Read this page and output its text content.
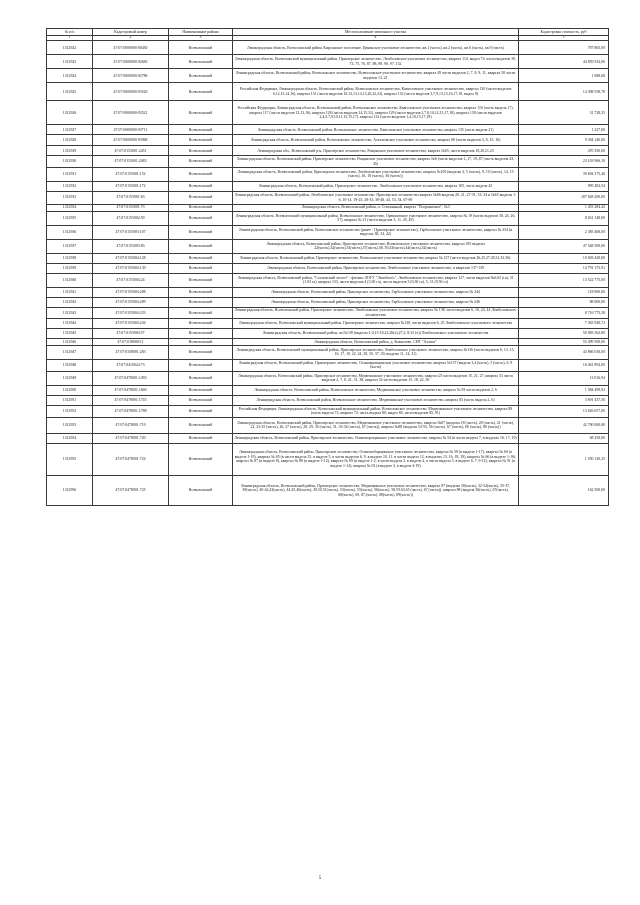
№ п/п	Кадастровый номер	Наименование района	Местоположение земельного участка	Кадастровая стоимость, руб
1	2	3	4	5
1312922	47:07:0000000:90430	Всеволожский	Ленинградская область, Всеволожский район, Кирсинское поселение, Ценинское участковое лесничество, кв.1 (часть), кв.2 (часть), кв.6 (часть), кв.9 (часть)	787 865,00
1312923	47:07:0000000:92683	Всеволожский	Ленинградская область, Всеволожский муниципальный район, Приозерское лесничество, Лемболовское участковое лесничество, квартал 114, выдел 74, части выделов 39, 73, 75, 76, 87, 88, 89, 90, 97, 132	44 859 532,06
1312924	47:07:0000000:92786	Всеволожский	Ленинградская область, Всеволожский район, Всеволожское лесничество, Всеволожское участковое лесничество, квартал 49 части выделов 2, 7, 8, 9, 11, квартал 50 части выделов 13, 21	1 688,68
1312925	47:07:0000000:93520	Всеволожский	Российская Федерация, Ленинградская область, Всеволожский район, Всеволожское лесничество, Кавголовское участковое лесничество, квартал 130 (части выделов 6,12,13,14,16), квартал 131 (части выделов 10,12,13,14,15,20,22,23), квартал 132 (части выделов 3,7,9,13,15,16,17,18, выдел 8)	14 398 558,78
1312926	47:07:0000000:93521	Всеволожский	Российская Федерация, Ленинградская область, Всеволожский район, Всеволожское лесничество, Кавголовское участковое лесничество, квартал 116 (часть выдела 17), квартал 117 (части выделов 12,13,16), квартал 128 (части выделов 14,15,31), квартал 129 (части выделов 2,7,8,10,12,13,17,18), квартал 130 (части выделов 2,4,5,7,9,10,11,15,15,17), квартал 132 (части выделов 1,4,10,15,17,18)	31 728,55
1312927	47:07:0000000:93711	Всеволожский	Ленинградская область, Всеволожский район, Всеволожское лесничество, Кавголовское участковое лесничество, квартал 135 (часть выдела 21)	1 227,00
1312928	47:07:0000000:93968	Всеволожский	Ленинградская область, Всеволожский район, Всеволожское лесничество, Агалатовское участковое лесничество, квартал 68 (части выделов 3, 8, 15, 16)	9 304 140,00
1312929	47:07:0153001:2451	Всеволожский	Ленинградская обл., Всеволожский р-н, Приозерское лесничество, Рощинское участковое лесничество, квартал №65, части выделов 18,20,21,23	470 350,00
1312930	47:07:0153001:2483	Всеволожский	Ленинградская область, Всеволожский район, Приозерское лесничество, Рощинское участковое лесничество, квартал №6 (часть выделов 1,,17, 19,,87 (часть выделов 43, 45)	23 103 966,10
1312931	47:07:0155001:152	Всеволожский	Ленинградская область, Всеволожский район, Приозерское лесничество, Лемболовское участковое лесничество, квартал №105 (выделы 4, 5 (часть), 9, 10 (часть), 14, 15 (часть), 16, 18 (часть), 36 (часть))	39 694 375,40
1312932	47:07:0155001:172	Всеволожский	Ленинградская область, Всеволожский район, Приозерское лесничество, Лемболовское участковое лесничество, квартал 105, часть выдела 42	995 482,54
1312933	47:07:0155001:63	Всеволожский	Ленинградская область, Всеволожский район, Лемболовское участковое лесничество, Приозерское лесничество квартал №66 выделы 20, 21, 27-31, 33, 34 и №65 выделы 1-6, 10-14, 19-25, 28-33, 38-40, 44, 53, 54, 67-69	187 628 200,00
1312934	47:07:0155001:73	Всеволожский	Ленинградская область, Всеволожский район, п. Стеклянный, квартал "Пограничное", №3	1 453 284,42
1312935	47:07:0155002:59	Всеволожский	Ленинградская область, Всеволожский муниципальный район, Всеволожское лесничество, Орешковское участковое лесничество, квартал № 19 (части выделов 30, 24, 26, 37), квартал № 21 (части выделов 3, 11, 45, 49)	8 631 148,00
1312936	47:07:0155003:107	Всеволожский	Ленинградская область, Всеволожский район, Всеволожское лесничество (ранее - Приозерское лесничество), Гарболовское участковое лесничество, квартал № 234 (в выделах 38, 34, 42)	2 385 468,00
1312937	47:07:0155003:83	Всеволожский	Ленинградская область, Всеволожский район, Приозерское лесничество, Всеволожское участковое лесничество, квартал 185 выделы 22(часть),32(часть),33(часть),37(часть),38, 39,43(часть),44(часть),52(часть)	47 548 500,00
1312938	47:07:0155004:128	Всеволожский	Ленинградская область, Всеволожский район, Приозерское лесничество, Всеволожское участковое лесничество, квартал № 127 (части выделов 26,25,27,28,31,33,36).	10 603 420,00
1312939	47:07:0155004:139	Всеволожский	Ленинградская область, Всеволожский район, Приозерское лесничество, Лемболовское участковое лесничество, в квартале 137-139	14 791 175,91
1312940	47:07:0155004:24	Всеволожский	Ленинградская область, Всеволожский район, "Сосновский лесхоз" - филиал ЛОГУ "Ленобллес", Лемболовское лесничество, квартал 127, части выделов №6,02 (га), 31 (1.03 га), квартал 133, части выделов 4 (3,30 га), части выделов 3 (0,30 га), 5, 31 (0,50 га)	13 522 775,00
1312941	47:07:0155004:208	Всеволожский	Ленинградская область, Всеволожский район, Приозерское лесничество, Гарболовское участковое лесничество, квартал № 244	118 000,00
1312942	47:07:0155004:209	Всеволожский	Ленинградская область, Всеволожский район, Приозерское лесничество, Гарболовское участковое лесничество, квартал № 246	88 000,00
1312943	47:07:0155004:233	Всеволожский	Ленинградская область, Всеволожский район, Приозерское лесничество, Лемболовское участковое лесничество, квартал № 138, части выделов 6, 16, 24, 44 Лемболовского лесничества	8 716 775,58
1312944	47:07:0155004:234	Всеволожский	Ленинградская область, Всеволожский муниципальный район, Приозерское лесничество, квартал №138, части выделов 6, 25 Лемболовского участкового лесничества	7 363 948,72
1312945	47:07:0155004:57	Всеволожский	Ленинградская область, Всеволожский район, пт.№138 (выделы 2-4,13-18,22,26(ч),27,2, 8,33 (ч)) Лемболовского участкового лесничества	50 083 562,80
1312946	47:07:0180003:1	Всеволожский	Ленинградская область, Всеволожский район, д. Кокколево, СНТ "Аэлита"	55 499 500,00
1312947	47:07:0358001:283	Всеволожский	Ленинградская область, Всеволожский муниципальный район, Приозерское лесничество, Лемболовское участковое лесничество, квартал №136 (части выделов 6, 13, 15, 16, 17, 19, 22, 24, 29, 35, 37, 39, выделы 11, 14, 31)	43 866 030,00
1312948	47:07:0410024:73	Всеволожский	Ленинградская область, Всеволожский район, Приозерское лесничество, Осиновровщинское участковое лесничество, квартал №137 (выдела 3,4 (часть), 5 (часть), 6, 8 (часть)	10 461 894,00
1312949	47:07:0478001:1493	Всеволожский	Ленинградская область, Всеволожский район, Приозерское лесничество, Медвежинское участковое лесничество, квартал 25 части выделов 15, 21, 27, квартал 33 части выделов 2, 7, 8, 21, 31, 38, квартал 34 части выделов 15, 18, 22, 30	13 016,94
1312950	47:07:0478001:1660	Всеволожский	Ленинградская область, Всеволожский район, Всеволожское лесничество, Медвежинское участковое лесничество, квартал № 83 части выделов 2, 6	1 584 499,92
1312951	47:07:0478001:1745	Всеволожский	Ленинградская область, Всеволожский район, Всеволожское лесничество, Медвежинское участковое лесничество, квартал 83 (часть выдела 2, 6)	3 691 437,50
1312952	47:07:0478001:1788	Всеволожский	Российская Федерация, Ленинградская область, Всеволожский муниципальный район, Всеволожское лесничество, Медвежинское участковое лесничество, квартал 88 (часть выдела 73, квартал 74, часть выдела 80, выдел 84, части выделов 85, 91)	13 626 657,00
1312953	47:07:0478001:719	Всеволожский	Ленинградская область, Всеволожский район, Приозерское лесничество, Медвежинское участковое лесничество, квартал №87 (выделы 18 (часть), 20 (часть), 21 (часть), 22, 23-25 (часть), 26, 27 (часть), 28, 29, 30 (часть), 31, 33-34 (часть), 67 (часть)), квартал №88 (выделы 53-55, 56 (часть), 67 (часть), 68 (часть), 80 (часть))	42 700 000,00
1312954	47:07:0478001:720	Всеволожский	Ленинградская область, Всеволожский район, Приозерское лесничество, Осиноворощинское участковое лесничество, квартал № 54 (в части выдела 7, в выделах 16, 17, 19)	68 250,00
1312955	47:07:0478001:724	Всеволожский	Ленинградская область, Всеволожский район, Приозерское лесничество, Осиновоборщинское участковое лесничество, квартал № 58 (в выделе 1-17), квартал № 60 (в выделе 1-19), квартал № 65 (в части выдела 15, в выделе 5, в части выделов 6, 9, в выделе 10, 11, в части выдела 12, в выделах 13, 16, 18, 19), квартал № 66 (в выделе 1-16), квартал № 87 (в выделе 8), квартал № 88 (в выделе 1-12), квартал № 89 (в выделе 1-2, в части выдела 3, в выделе 4, в части выдела 5, в выделе 6, 7, 9-12), квартал № 91 (в выделе 1-14), квартал № 93 (в выделе 3, в выделе 4-19)	1 550 120,25
1312956	47:07:0478001:725	Всеволожский	Ленинградская область, Всеволожский район, Приозерское лесничество, Медвежинское участковое лесничество, квартал 87 (выделы 30(часть), 32-34(часть), 35-37, 39(часть), 40-42,43(часть), 44,45,46(часть), 49,50,51(часть), 53(часть), 55(часть), 56(часть), 58,59,63,65 (часть), 67 (часть)), квартал 88 (выдела 56(часть), 67(часть), 68(часть), 69, 87,(часть), 88(часть), 89(часть))	162 500,00
5
